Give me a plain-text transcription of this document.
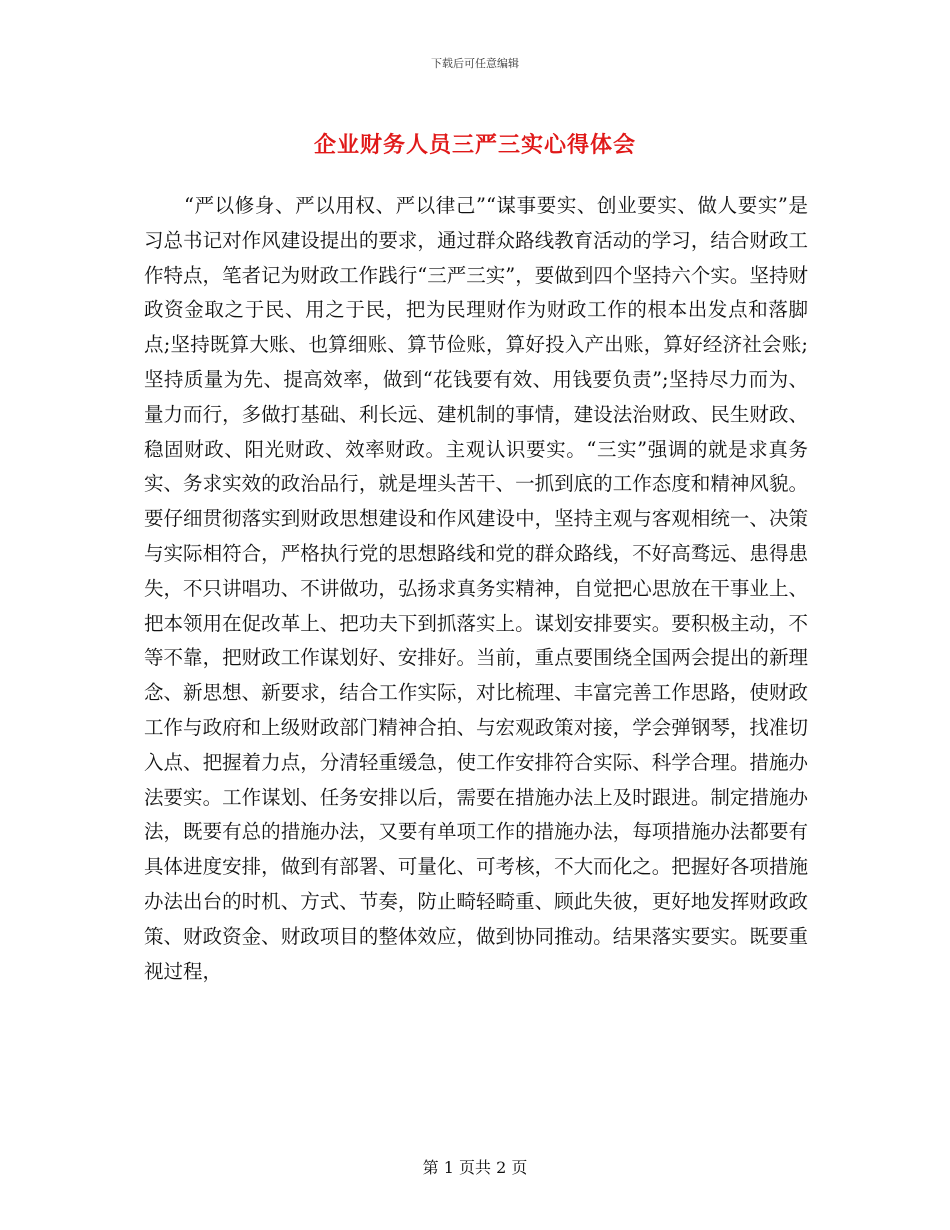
下载后可任意编辑
企业财务人员三严三实心得体会

“严以修身、严以用权、严以律己”“谋事要实、创业要实、做人要实”是习总书记对作风建设提出的要求，通过群众路线教育活动的学习，结合财政工作特点，笔者记为财政工作践行“三严三实”，要做到四个坚持六个实。坚持财政资金取之于民、用之于民，把为民理财作为财政工作的根本出发点和落脚点;坚持既算大账、也算细账、算节俭账，算好投入产出账，算好经济社会账;坚持质量为先、提高效率，做到“花钱要有效、用钱要负责”;坚持尽力而为、量力而行，多做打基础、利长远、建机制的事情，建设法治财政、民生财政、稳固财政、阳光财政、效率财政。主观认识要实。“三实”强调的就是求真务实、务求实效的政治品行，就是埋头苦干、一抓到底的工作态度和精神风貌。要仔细贯彻落实到财政思想建设和作风建设中，坚持主观与客观相统一、决策与实际相符合，严格执行党的思想路线和党的群众路线，不好高骛远、患得患失，不只讲唱功、不讲做功，弘扬求真务实精神，自觉把心思放在干事业上、把本领用在促改革上、把功夫下到抓落实上。谋划安排要实。要积极主动，不等不靠，把财政工作谋划好、安排好。当前，重点要围绕全国两会提出的新理念、新思想、新要求，结合工作实际，对比梳理、丰富完善工作思路，使财政工作与政府和上级财政部门精神合拍、与宏观政策对接，学会弹钢琴，找准切入点、把握着力点，分清轻重缓急，使工作安排符合实际、科学合理。措施办法要实。工作谋划、任务安排以后，需要在措施办法上及时跟进。制定措施办法，既要有总的措施办法，又要有单项工作的措施办法，每项措施办法都要有具体进度安排，做到有部署、可量化、可考核，不大而化之。把握好各项措施办法出台的时机、方式、节奏，防止畸轻畸重、顾此失彼，更好地发挥财政政策、财政资金、财政项目的整体效应，做到协同推动。结果落实要实。既要重视过程，

第 1 页共 2 页
